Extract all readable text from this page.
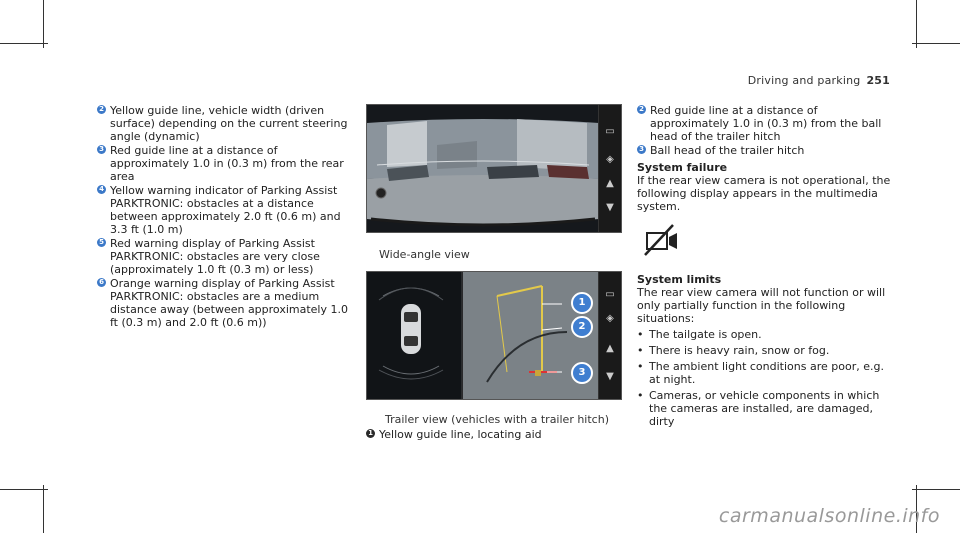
Driving and parking 251
2 Yellow guide line, vehicle width (driven surface) depending on the current steering angle (dynamic)
3 Red guide line at a distance of approximately 1.0 in (0.3 m) from the rear area
4 Yellow warning indicator of Parking Assist PARKTRONIC: obstacles at a distance between approximately 2.0 ft (0.6 m) and 3.3 ft (1.0 m)
5 Red warning display of Parking Assist PARKTRONIC: obstacles are very close (approximately 1.0 ft (0.3 m) or less)
6 Orange warning display of Parking Assist PARKTRONIC: obstacles are a medium distance away (between approximately 1.0 ft (0.3 m) and 2.0 ft (0.6 m))
▭
◈
▲
▼
Wide-angle view
▭
◈
▲
▼
1
2
3
Trailer view (vehicles with a trailer hitch)
1 Yellow guide line, locating aid
2 Red guide line at a distance of approximately 1.0 in (0.3 m) from the ball head of the trailer hitch
3 Ball head of the trailer hitch
System failure
If the rear view camera is not operational, the following display appears in the multimedia system.
System limits
The rear view camera will not function or will only partially function in the following situations:
• The tailgate is open.
• There is heavy rain, snow or fog.
• The ambient light conditions are poor, e.g. at night.
• Cameras, or vehicle components in which the cameras are installed, are damaged, dirty
carmanualsonline.info
